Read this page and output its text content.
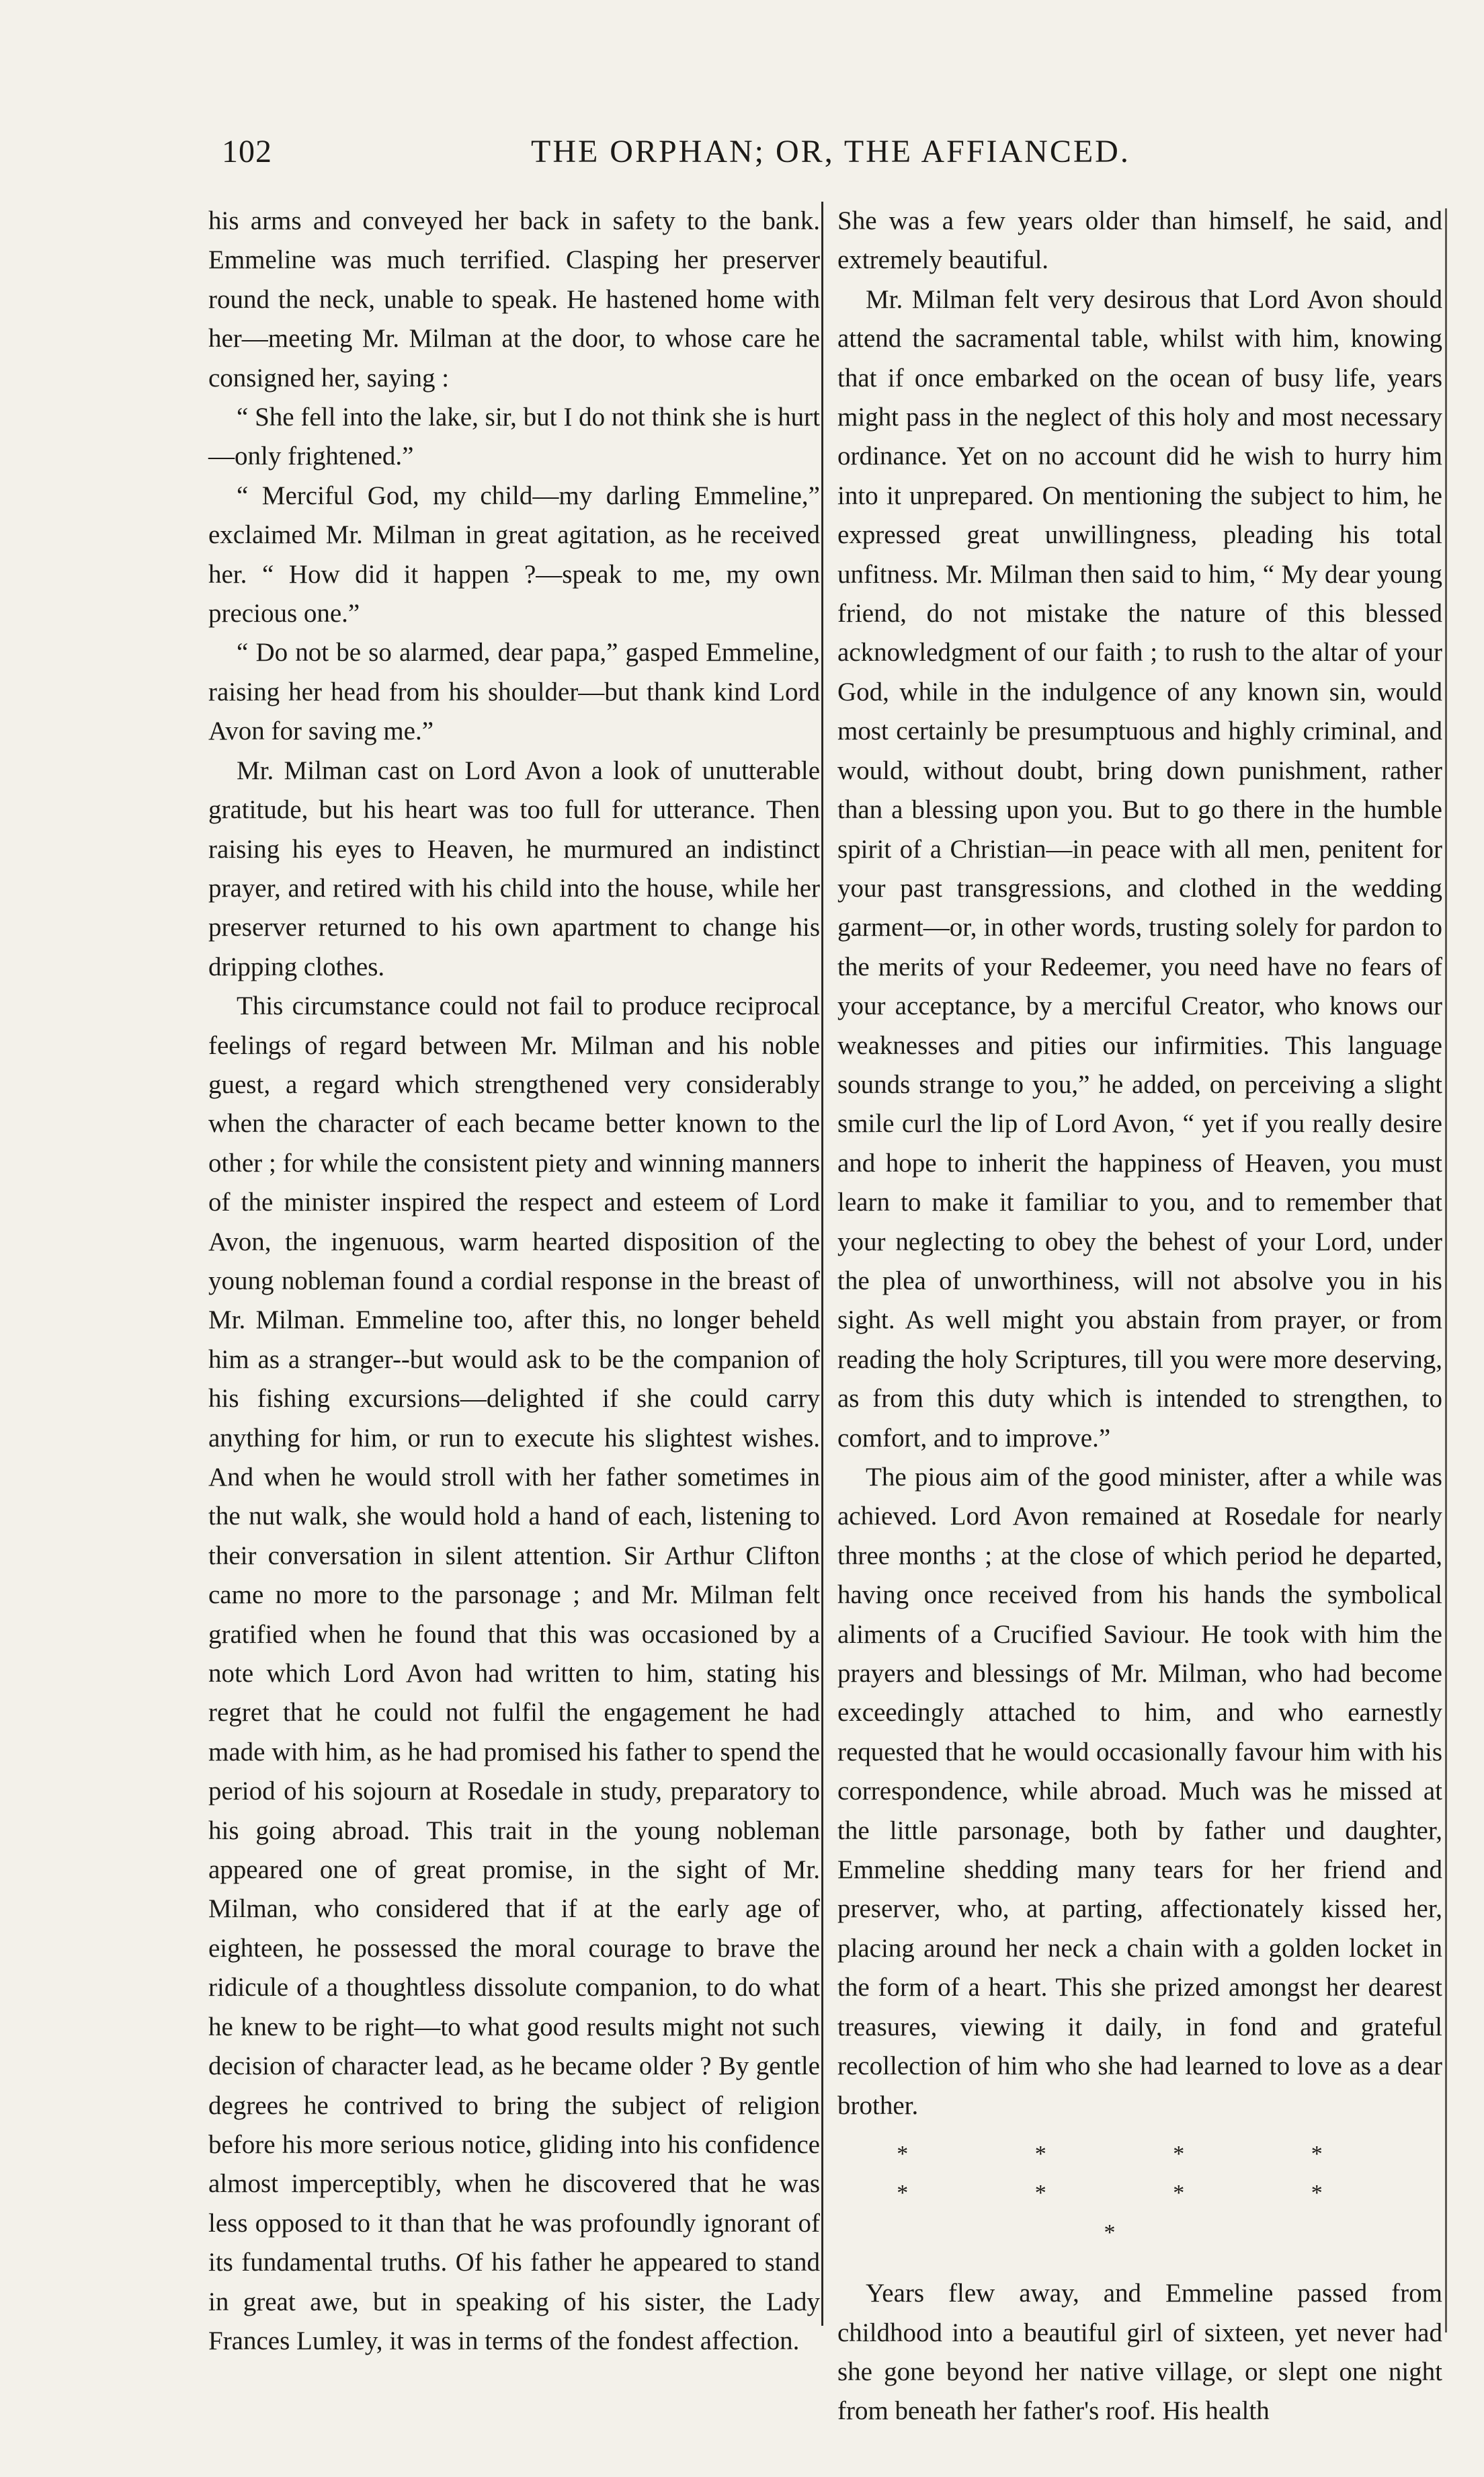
102	THE ORPHAN; OR, THE AFFIANCED.

his arms and conveyed her back in safety to the bank. Emmeline was much terrified. Clasping her preserver round the neck, unable to speak. He hastened home with her—meeting Mr. Milman at the door, to whose care he consigned her, saying :

“ She fell into the lake, sir, but I do not think she is hurt—only frightened.”

“ Merciful God, my child—my darling Emmeline,” exclaimed Mr. Milman in great agitation, as he received her. “ How did it happen ?—speak to me, my own precious one.”

“ Do not be so alarmed, dear papa,” gasped Emmeline, raising her head from his shoulder—but thank kind Lord Avon for saving me.”

Mr. Milman cast on Lord Avon a look of unutterable gratitude, but his heart was too full for utterance. Then raising his eyes to Heaven, he murmured an indistinct prayer, and retired with his child into the house, while her preserver returned to his own apartment to change his dripping clothes.

This circumstance could not fail to produce reciprocal feelings of regard between Mr. Milman and his noble guest, a regard which strengthened very considerably when the character of each became better known to the other ; for while the consistent piety and winning manners of the minister inspired the respect and esteem of Lord Avon, the ingenuous, warm hearted disposition of the young nobleman found a cordial response in the breast of Mr. Milman. Emmeline too, after this, no longer beheld him as a stranger--but would ask to be the companion of his fishing excursions—delighted if she could carry anything for him, or run to execute his slightest wishes. And when he would stroll with her father sometimes in the nut walk, she would hold a hand of each, listening to their conversation in silent attention. Sir Arthur Clifton came no more to the parsonage ; and Mr. Milman felt gratified when he found that this was occasioned by a note which Lord Avon had written to him, stating his regret that he could not fulfil the engagement he had made with him, as he had promised his father to spend the period of his sojourn at Rosedale in study, preparatory to his going abroad. This trait in the young nobleman appeared one of great promise, in the sight of Mr. Milman, who considered that if at the early age of eighteen, he possessed the moral courage to brave the ridicule of a thoughtless dissolute companion, to do what he knew to be right—to what good results might not such decision of character lead, as he became older ? By gentle degrees he contrived to bring the subject of religion before his more serious notice, gliding into his confidence almost imperceptibly, when he discovered that he was less opposed to it than that he was profoundly ignorant of its fundamental truths. Of his father he appeared to stand in great awe, but in speaking of his sister, the Lady Frances Lumley, it was in terms of the fondest affection.

She was a few years older than himself, he said, and extremely beautiful.

Mr. Milman felt very desirous that Lord Avon should attend the sacramental table, whilst with him, knowing that if once embarked on the ocean of busy life, years might pass in the neglect of this holy and most necessary ordinance. Yet on no account did he wish to hurry him into it unprepared. On mentioning the subject to him, he expressed great unwillingness, pleading his total unfitness. Mr. Milman then said to him, “ My dear young friend, do not mistake the nature of this blessed acknowledgment of our faith ; to rush to the altar of your God, while in the indulgence of any known sin, would most certainly be presumptuous and highly criminal, and would, without doubt, bring down punishment, rather than a blessing upon you. But to go there in the humble spirit of a Christian—in peace with all men, penitent for your past transgressions, and clothed in the wedding garment—or, in other words, trusting solely for pardon to the merits of your Redeemer, you need have no fears of your acceptance, by a merciful Creator, who knows our weaknesses and pities our infirmities. This language sounds strange to you,” he added, on perceiving a slight smile curl the lip of Lord Avon, “ yet if you really desire and hope to inherit the happiness of Heaven, you must learn to make it familiar to you, and to remember that your neglecting to obey the behest of your Lord, under the plea of unworthiness, will not absolve you in his sight. As well might you abstain from prayer, or from reading the holy Scriptures, till you were more deserving, as from this duty which is intended to strengthen, to comfort, and to improve.”

The pious aim of the good minister, after a while was achieved. Lord Avon remained at Rosedale for nearly three months ; at the close of which period he departed, having once received from his hands the symbolical aliments of a Crucified Saviour. He took with him the prayers and blessings of Mr. Milman, who had become exceedingly attached to him, and who earnestly requested that he would occasionally favour him with his correspondence, while abroad. Much was he missed at the little parsonage, both by father und daughter, Emmeline shedding many tears for her friend and preserver, who, at parting, affectionately kissed her, placing around her neck a chain with a golden locket in the form of a heart. This she prized amongst her dearest treasures, viewing it daily, in fond and grateful recollection of him who she had learned to love as a dear brother.

* * * * * * * * *

Years flew away, and Emmeline passed from childhood into a beautiful girl of sixteen, yet never had she gone beyond her native village, or slept one night from beneath her father's roof. His health
